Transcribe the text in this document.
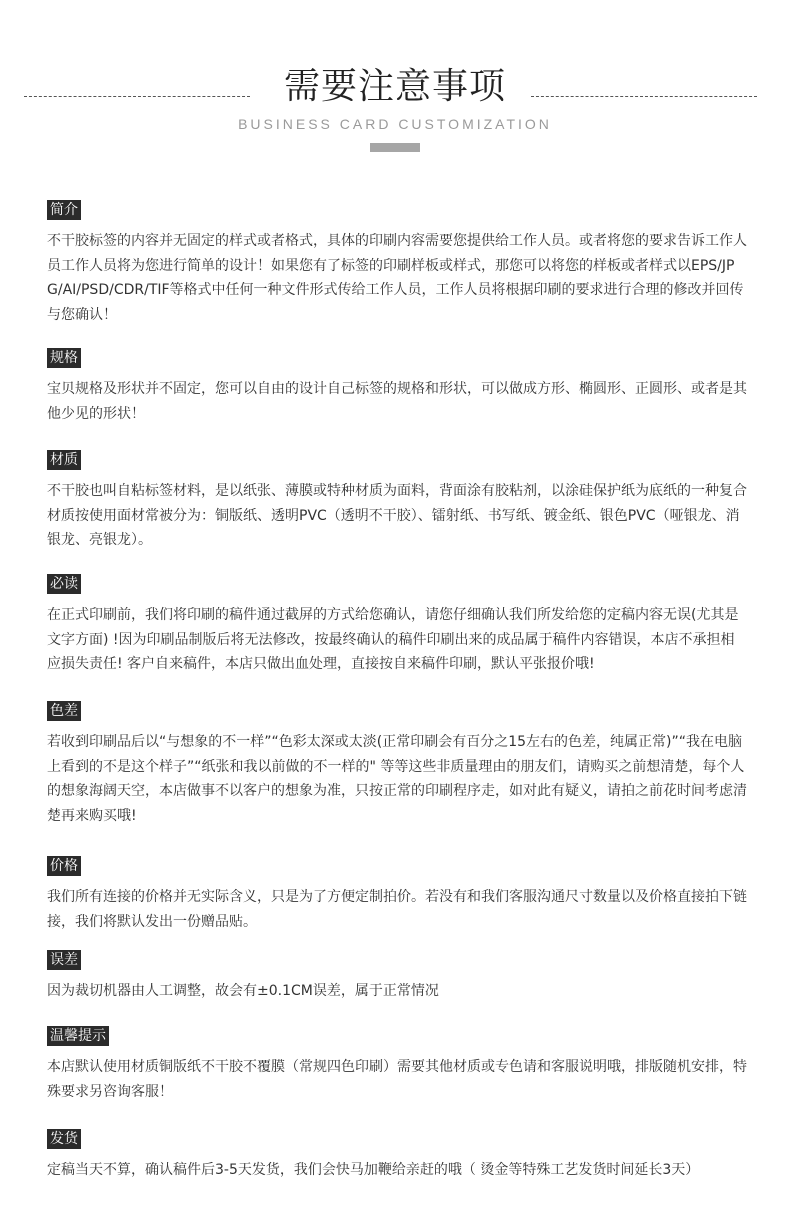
需要注意事项
BUSINESS CARD CUSTOMIZATION
简介
不干胶标签的内容并无固定的样式或者格式，具体的印刷内容需要您提供给工作人员。或者将您的要求告诉工作人员工作人员将为您进行简单的设计！如果您有了标签的印刷样板或样式，那您可以将您的样板或者样式以EPS/JPG/AI/PSD/CDR/TIF等格式中任何一种文件形式传给工作人员，工作人员将根据印刷的要求进行合理的修改并回传与您确认！
规格
宝贝规格及形状并不固定，您可以自由的设计自己标签的规格和形状，可以做成方形、椭圆形、正圆形、或者是其他少见的形状！
材质
不干胶也叫自粘标签材料，是以纸张、薄膜或特种材质为面料，背面涂有胶粘剂，以涂硅保护纸为底纸的一种复合材质按使用面材常被分为：铜版纸、透明PVC（透明不干胶）、镭射纸、书写纸、镀金纸、银色PVC（哑银龙、消银龙、亮银龙）。
必读
在正式印刷前，我们将印刷的稿件通过截屏的方式给您确认，请您仔细确认我们所发给您的定稿内容无误(尤其是文字方面) !因为印刷品制版后将无法修改，按最终确认的稿件印刷出来的成品属于稿件内容错误，本店不承担相应损失责任! 客户自来稿件，本店只做出血处理，直接按自来稿件印刷，默认平张报价哦!
色差
若收到印刷品后以“与想象的不一样”“色彩太深或太淡(正常印刷会有百分之15左右的色差，纯属正常)”“我在电脑上看到的不是这个样子”“纸张和我以前做的不一样的" 等等这些非质量理由的朋友们，请购买之前想清楚，每个人的想象海阔天空，本店做事不以客户的想象为准，只按正常的印刷程序走，如对此有疑义，请拍之前花时间考虑清楚再来购买哦!
价格
我们所有连接的价格并无实际含义，只是为了方便定制拍价。若没有和我们客服沟通尺寸数量以及价格直接拍下链接，我们将默认发出一份赠品贴。
误差
因为裁切机器由人工调整，故会有±0.1CM误差，属于正常情况
温馨提示
本店默认使用材质铜版纸不干胶不覆膜（常规四色印刷）需要其他材质或专色请和客服说明哦，排版随机安排，特殊要求另咨询客服！
发货
定稿当天不算，确认稿件后3-5天发货，我们会快马加鞭给亲赶的哦（ 烫金等特殊工艺发货时间延长3天）
